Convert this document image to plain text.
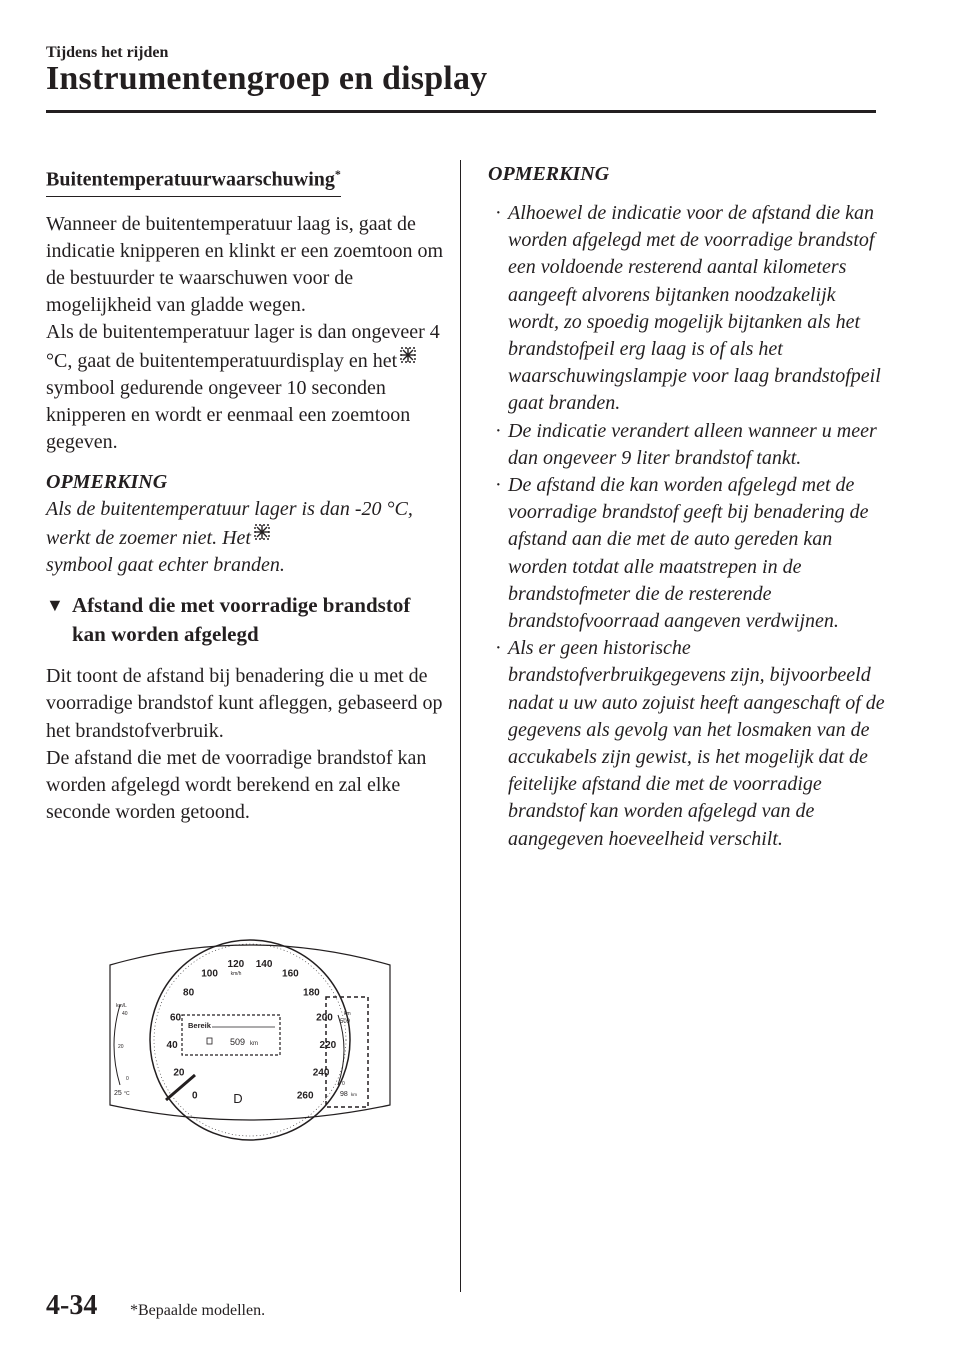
Tijdens het rijden
Instrumentengroep en display
Buitentemperatuurwaarschuwing*

Wanneer de buitentemperatuur laag is, gaat de indicatie knipperen en klinkt er een zoemtoon om de bestuurder te waarschuwen voor de mogelijkheid van gladde wegen.

Als de buitentemperatuur lager is dan ongeveer 4 °C, gaat de buitentemperatuurdisplay en het
symbool gedurende ongeveer 10 seconden knipperen en wordt er eenmaal een zoemtoon gegeven.

OPMERKING

Als de buitentemperatuur lager is dan -20 °C, werkt de zoemer niet. Het
symbool gaat echter branden.

▼ Afstand die met voorradige brandstof kan worden afgelegd

Dit toont de afstand bij benadering die u met de voorradige brandstof kunt afleggen, gebaseerd op het brandstofverbruik.

De afstand die met de voorradige brandstof kan worden afgelegd wordt berekend en zal elke seconde worden getoond.

0
20
40
60
80
100
120 140
160
180
200
220
240
260
km/h
Bereik
509 km
D
km/L
40
20
0
25 °C
km
509
0
98 km
OPMERKING
· Alhoewel de indicatie voor de afstand die kan worden afgelegd met de voorradige brandstof een voldoende resterend aantal kilometers aangeeft alvorens bijtanken noodzakelijk wordt, zo spoedig mogelijk bijtanken als het brandstofpeil erg laag is of als het waarschuwingslampje voor laag brandstofpeil gaat branden.
· De indicatie verandert alleen wanneer u meer dan ongeveer 9 liter brandstof tankt.
· De afstand die kan worden afgelegd met de voorradige brandstof geeft bij benadering de afstand aan die met de auto gereden kan worden totdat alle maatstrepen in de brandstofmeter die de resterende brandstofvoorraad aangeven verdwijnen.
· Als er geen historische brandstofverbruikgegevens zijn, bijvoorbeeld nadat u uw auto zojuist heeft aangeschaft of de gegevens als gevolg van het losmaken van de accukabels zijn gewist, is het mogelijk dat de feitelijke afstand die met de voorradige brandstof kan worden afgelegd van de aangegeven hoeveelheid verschilt.
4-34 *Bepaalde modellen.
